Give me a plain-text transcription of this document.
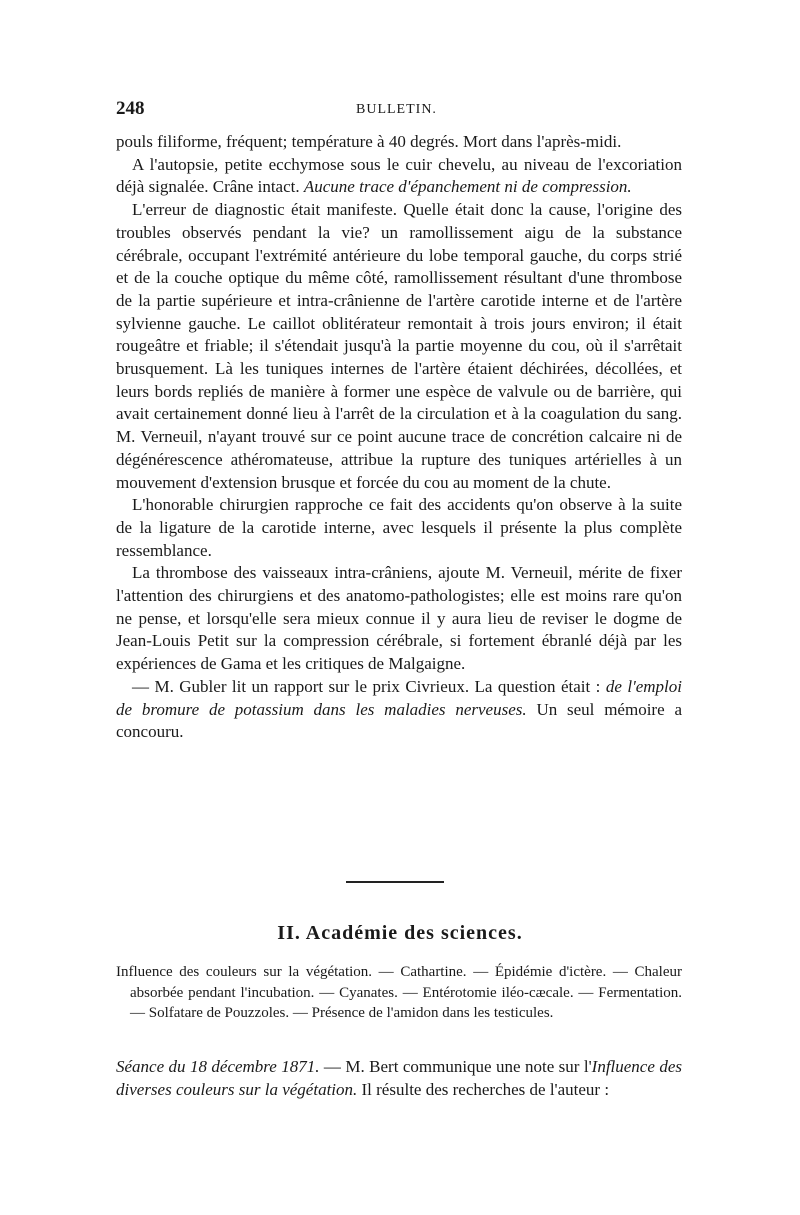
248	BULLETIN.

pouls filiforme, fréquent; température à 40 degrés. Mort dans l'après-midi.

A l'autopsie, petite ecchymose sous le cuir chevelu, au niveau de l'excoriation déjà signalée. Crâne intact. Aucune trace d'épanchement ni de compression.

L'erreur de diagnostic était manifeste. Quelle était donc la cause, l'origine des troubles observés pendant la vie? un ramollissement aigu de la substance cérébrale, occupant l'extrémité antérieure du lobe temporal gauche, du corps strié et de la couche optique du même côté, ramollissement résultant d'une thrombose de la partie supérieure et intra-crânienne de l'artère carotide interne et de l'artère sylvienne gauche. Le caillot oblitérateur remontait à trois jours environ; il était rougeâtre et friable; il s'étendait jusqu'à la partie moyenne du cou, où il s'arrêtait brusquement. Là les tuniques internes de l'artère étaient déchirées, décollées, et leurs bords repliés de manière à former une espèce de valvule ou de barrière, qui avait certainement donné lieu à l'arrêt de la circulation et à la coagulation du sang. M. Verneuil, n'ayant trouvé sur ce point aucune trace de concrétion calcaire ni de dégénérescence athéromateuse, attribue la rupture des tuniques artérielles à un mouvement d'extension brusque et forcée du cou au moment de la chute.

L'honorable chirurgien rapproche ce fait des accidents qu'on observe à la suite de la ligature de la carotide interne, avec lesquels il présente la plus complète ressemblance.

La thrombose des vaisseaux intra-crâniens, ajoute M. Verneuil, mérite de fixer l'attention des chirurgiens et des anatomo-pathologistes; elle est moins rare qu'on ne pense, et lorsqu'elle sera mieux connue il y aura lieu de reviser le dogme de Jean-Louis Petit sur la compression cérébrale, si fortement ébranlé déjà par les expériences de Gama et les critiques de Malgaigne.

— M. Gubler lit un rapport sur le prix Civrieux. La question était : de l'emploi de bromure de potassium dans les maladies nerveuses. Un seul mémoire a concouru.

II. Académie des sciences.

Influence des couleurs sur la végétation. — Cathartine. — Épidémie d'ictère. — Chaleur absorbée pendant l'incubation. — Cyanates. — Entérotomie iléo-cæcale. — Fermentation. — Solfatare de Pouzzoles. — Présence de l'amidon dans les testicules.

Séance du 18 décembre 1871. — M. Bert communique une note sur l'Influence des diverses couleurs sur la végétation. Il résulte des recherches de l'auteur :
